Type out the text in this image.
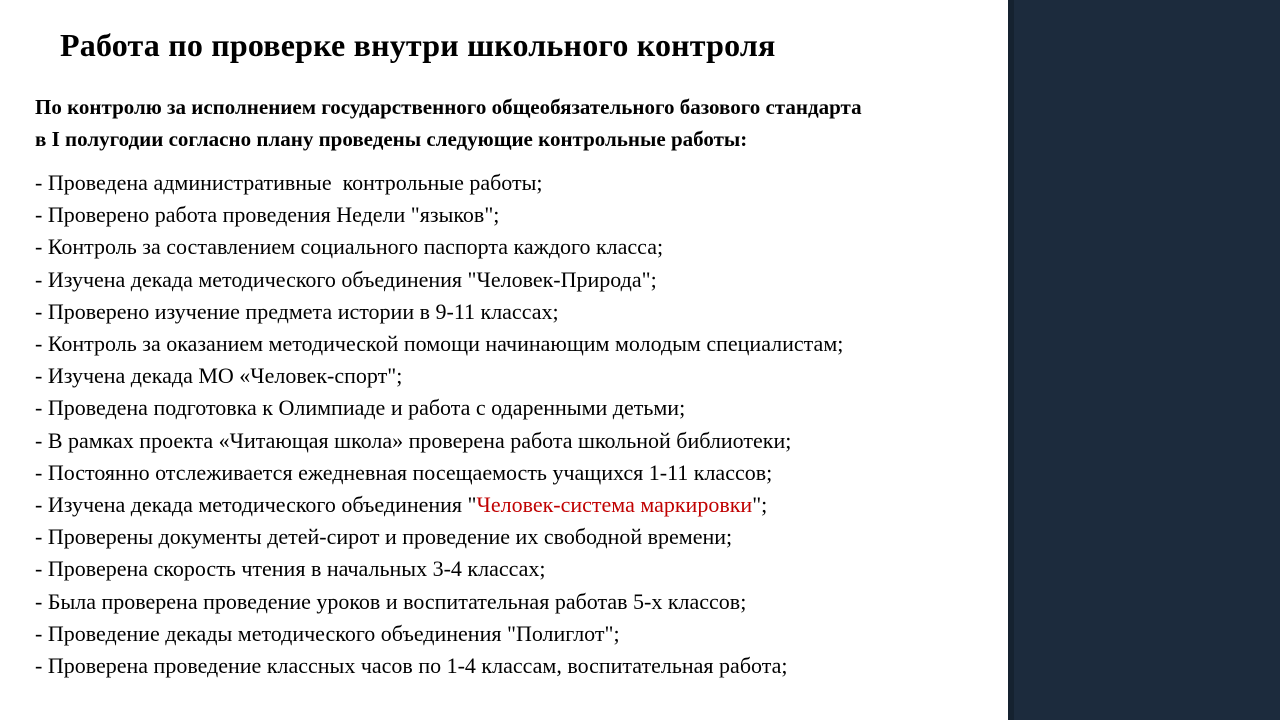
Работа по проверке внутри школьного контроля
По контролю за исполнением государственного общеобязательного базового стандарта
в I полугодии согласно плану проведены следующие контрольные работы:
- Проведена административные  контрольные работы;
- Проверено работа проведения Недели "языков";
- Контроль за составлением социального паспорта каждого класса;
- Изучена декада методического объединения "Человек-Природа";
- Проверено изучение предмета истории в 9-11 классах;
- Контроль за оказанием методической помощи начинающим молодым специалистам;
- Изучена декада МО «Человек-спорт";
- Проведена подготовка к Олимпиаде и работа с одаренными детьми;
- В рамках проекта «Читающая школа» проверена работа школьной библиотеки;
- Постоянно отслеживается ежедневная посещаемость учащихся 1-11 классов;
- Изучена декада методического объединения "Человек-система маркировки";
- Проверены документы детей-сирот и проведение их свободной времени;
- Проверена скорость чтения в начальных 3-4 классах;
- Была проверена проведение уроков и воспитательная работав 5-х классов;
- Проведение декады методического объединения "Полиглот";
- Проверена проведение классных часов по 1-4 классам, воспитательная работа;
